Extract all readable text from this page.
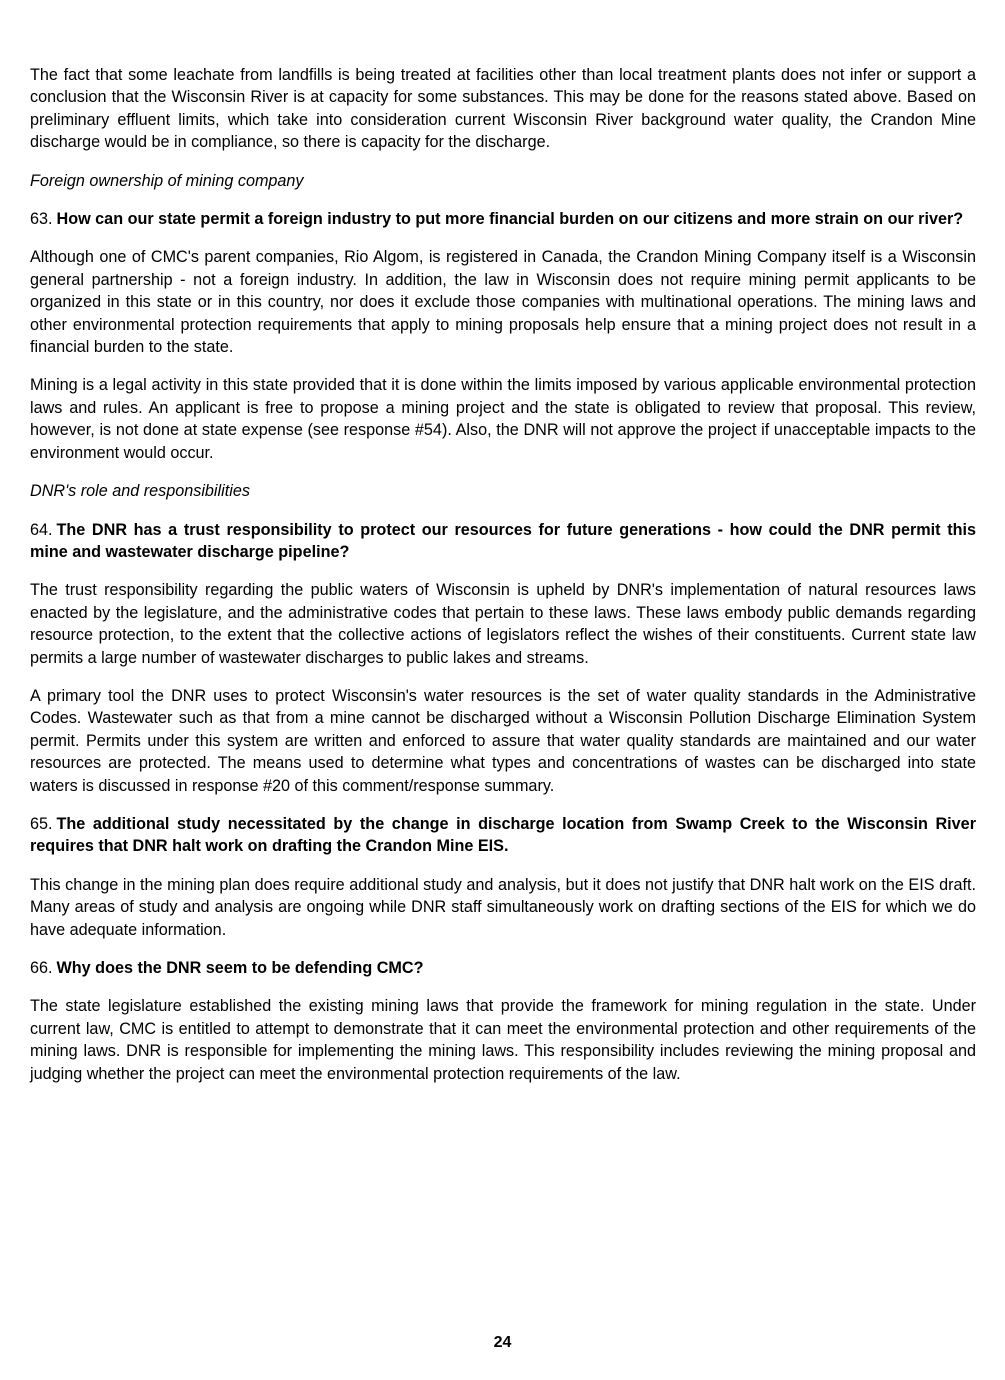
The fact that some leachate from landfills is being treated at facilities other than local treatment plants does not infer or support a conclusion that the Wisconsin River is at capacity for some substances. This may be done for the reasons stated above. Based on preliminary effluent limits, which take into consideration current Wisconsin River background water quality, the Crandon Mine discharge would be in compliance, so there is capacity for the discharge.

Foreign ownership of mining company

63. How can our state permit a foreign industry to put more financial burden on our citizens and more strain on our river?

Although one of CMC's parent companies, Rio Algom, is registered in Canada, the Crandon Mining Company itself is a Wisconsin general partnership - not a foreign industry. In addition, the law in Wisconsin does not require mining permit applicants to be organized in this state or in this country, nor does it exclude those companies with multinational operations. The mining laws and other environmental protection requirements that apply to mining proposals help ensure that a mining project does not result in a financial burden to the state.

Mining is a legal activity in this state provided that it is done within the limits imposed by various applicable environmental protection laws and rules. An applicant is free to propose a mining project and the state is obligated to review that proposal. This review, however, is not done at state expense (see response #54). Also, the DNR will not approve the project if unacceptable impacts to the environment would occur.

DNR's role and responsibilities

64. The DNR has a trust responsibility to protect our resources for future generations - how could the DNR permit this mine and wastewater discharge pipeline?

The trust responsibility regarding the public waters of Wisconsin is upheld by DNR's implementation of natural resources laws enacted by the legislature, and the administrative codes that pertain to these laws. These laws embody public demands regarding resource protection, to the extent that the collective actions of legislators reflect the wishes of their constituents. Current state law permits a large number of wastewater discharges to public lakes and streams.

A primary tool the DNR uses to protect Wisconsin's water resources is the set of water quality standards in the Administrative Codes. Wastewater such as that from a mine cannot be discharged without a Wisconsin Pollution Discharge Elimination System permit. Permits under this system are written and enforced to assure that water quality standards are maintained and our water resources are protected. The means used to determine what types and concentrations of wastes can be discharged into state waters is discussed in response #20 of this comment/response summary.

65. The additional study necessitated by the change in discharge location from Swamp Creek to the Wisconsin River requires that DNR halt work on drafting the Crandon Mine EIS.

This change in the mining plan does require additional study and analysis, but it does not justify that DNR halt work on the EIS draft. Many areas of study and analysis are ongoing while DNR staff simultaneously work on drafting sections of the EIS for which we do have adequate information.

66. Why does the DNR seem to be defending CMC?

The state legislature established the existing mining laws that provide the framework for mining regulation in the state. Under current law, CMC is entitled to attempt to demonstrate that it can meet the environmental protection and other requirements of the mining laws. DNR is responsible for implementing the mining laws. This responsibility includes reviewing the mining proposal and judging whether the project can meet the environmental protection requirements of the law.

24
